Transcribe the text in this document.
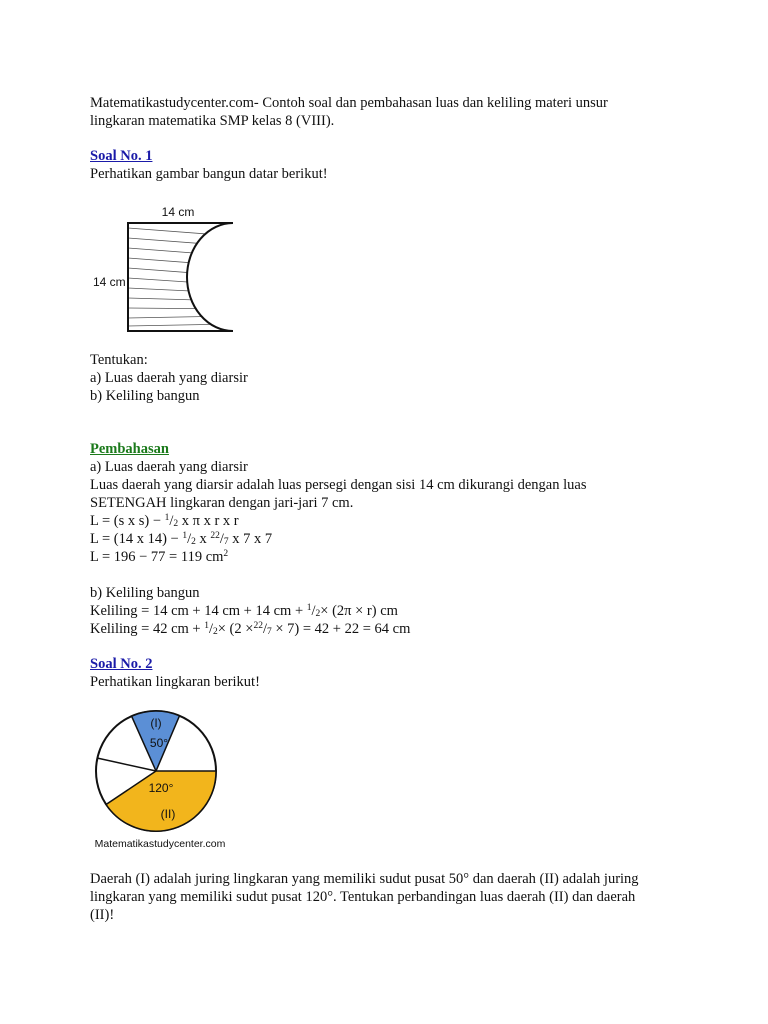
Matematikastudycenter.com- Contoh soal dan pembahasan luas dan keliling materi unsur
lingkaran matematika SMP kelas 8 (VIII).
Soal No. 1
Perhatikan gambar bangun datar berikut!
14 cm
14 cm
Tentukan:
a) Luas daerah yang diarsir
b) Keliling bangun
Pembahasan
a) Luas daerah yang diarsir
Luas daerah yang diarsir adalah luas persegi dengan sisi 14 cm dikurangi dengan luas
SETENGAH lingkaran dengan jari-jari 7 cm.
L = (s x $s) - ^1/_2$ x π x r x r
L = (14 x $14) - ^1/_2$ x $^{22}/_7$ x 7 x 7
L = 196 − 77 = 119 $cm^2$
b) Keliling bangun
Keliling = 14 cm + 14 cm + 14 cm + $^1/_2\times (2\pi \times r)$ cm
Keliling = 42 cm + $^1/_2\times (2 \times^{22}/_7 \times 7) = 42 + 22 = 64$ cm
Soal No. 2
Perhatikan lingkaran berikut!
(I)
50°
120°
(II)
Matematikastudycenter.com
Daerah (I) adalah juring lingkaran yang memiliki sudut pusat 50° dan daerah (II) adalah juring
lingkaran yang memiliki sudut pusat 120°. Tentukan perbandingan luas daerah (II) dan daerah
(II)!
